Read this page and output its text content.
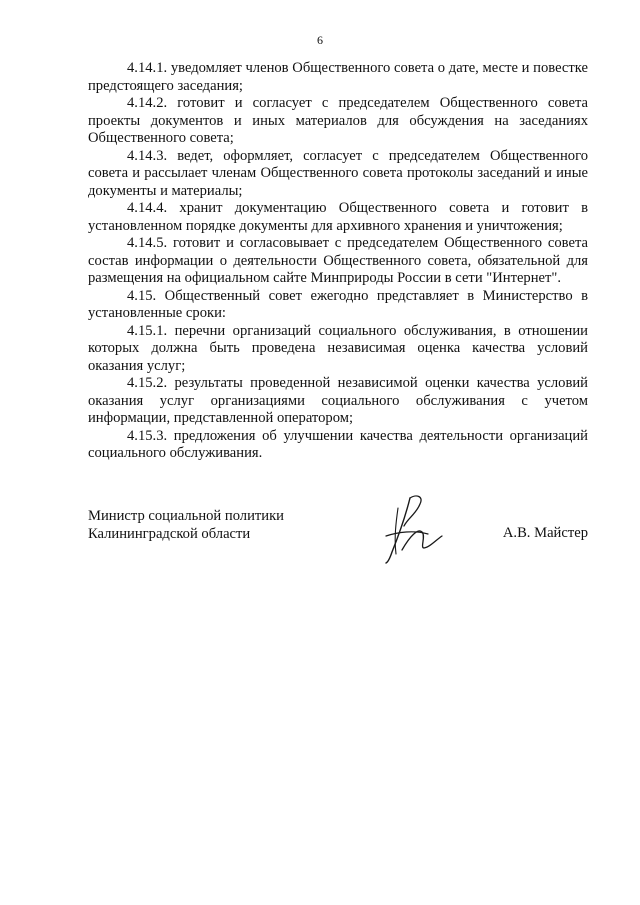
6

4.14.1. уведомляет членов Общественного совета о дате, месте и повестке предстоящего заседания;

4.14.2. готовит и согласует с председателем Общественного совета проекты документов и иных материалов для обсуждения на заседаниях Общественного совета;

4.14.3. ведет, оформляет, согласует с председателем Общественного совета и рассылает членам Общественного совета протоколы заседаний и иные документы и материалы;

4.14.4. хранит документацию Общественного совета и готовит в установленном порядке документы для архивного хранения и уничтожения;

4.14.5. готовит и согласовывает с председателем Общественного совета состав информации о деятельности Общественного совета, обязательной для размещения на официальном сайте Минприроды России в сети "Интернет".

4.15. Общественный совет ежегодно представляет в Министерство в установленные сроки:

4.15.1. перечни организаций социального обслуживания, в отношении которых должна быть проведена независимая оценка качества условий оказания услуг;

4.15.2. результаты проведенной независимой оценки качества условий оказания услуг организациями социального обслуживания с учетом информации, представленной оператором;

4.15.3. предложения об улучшении качества деятельности организаций социального обслуживания.

Министр социальной политики
Калининградской области	А.В. Майстер
